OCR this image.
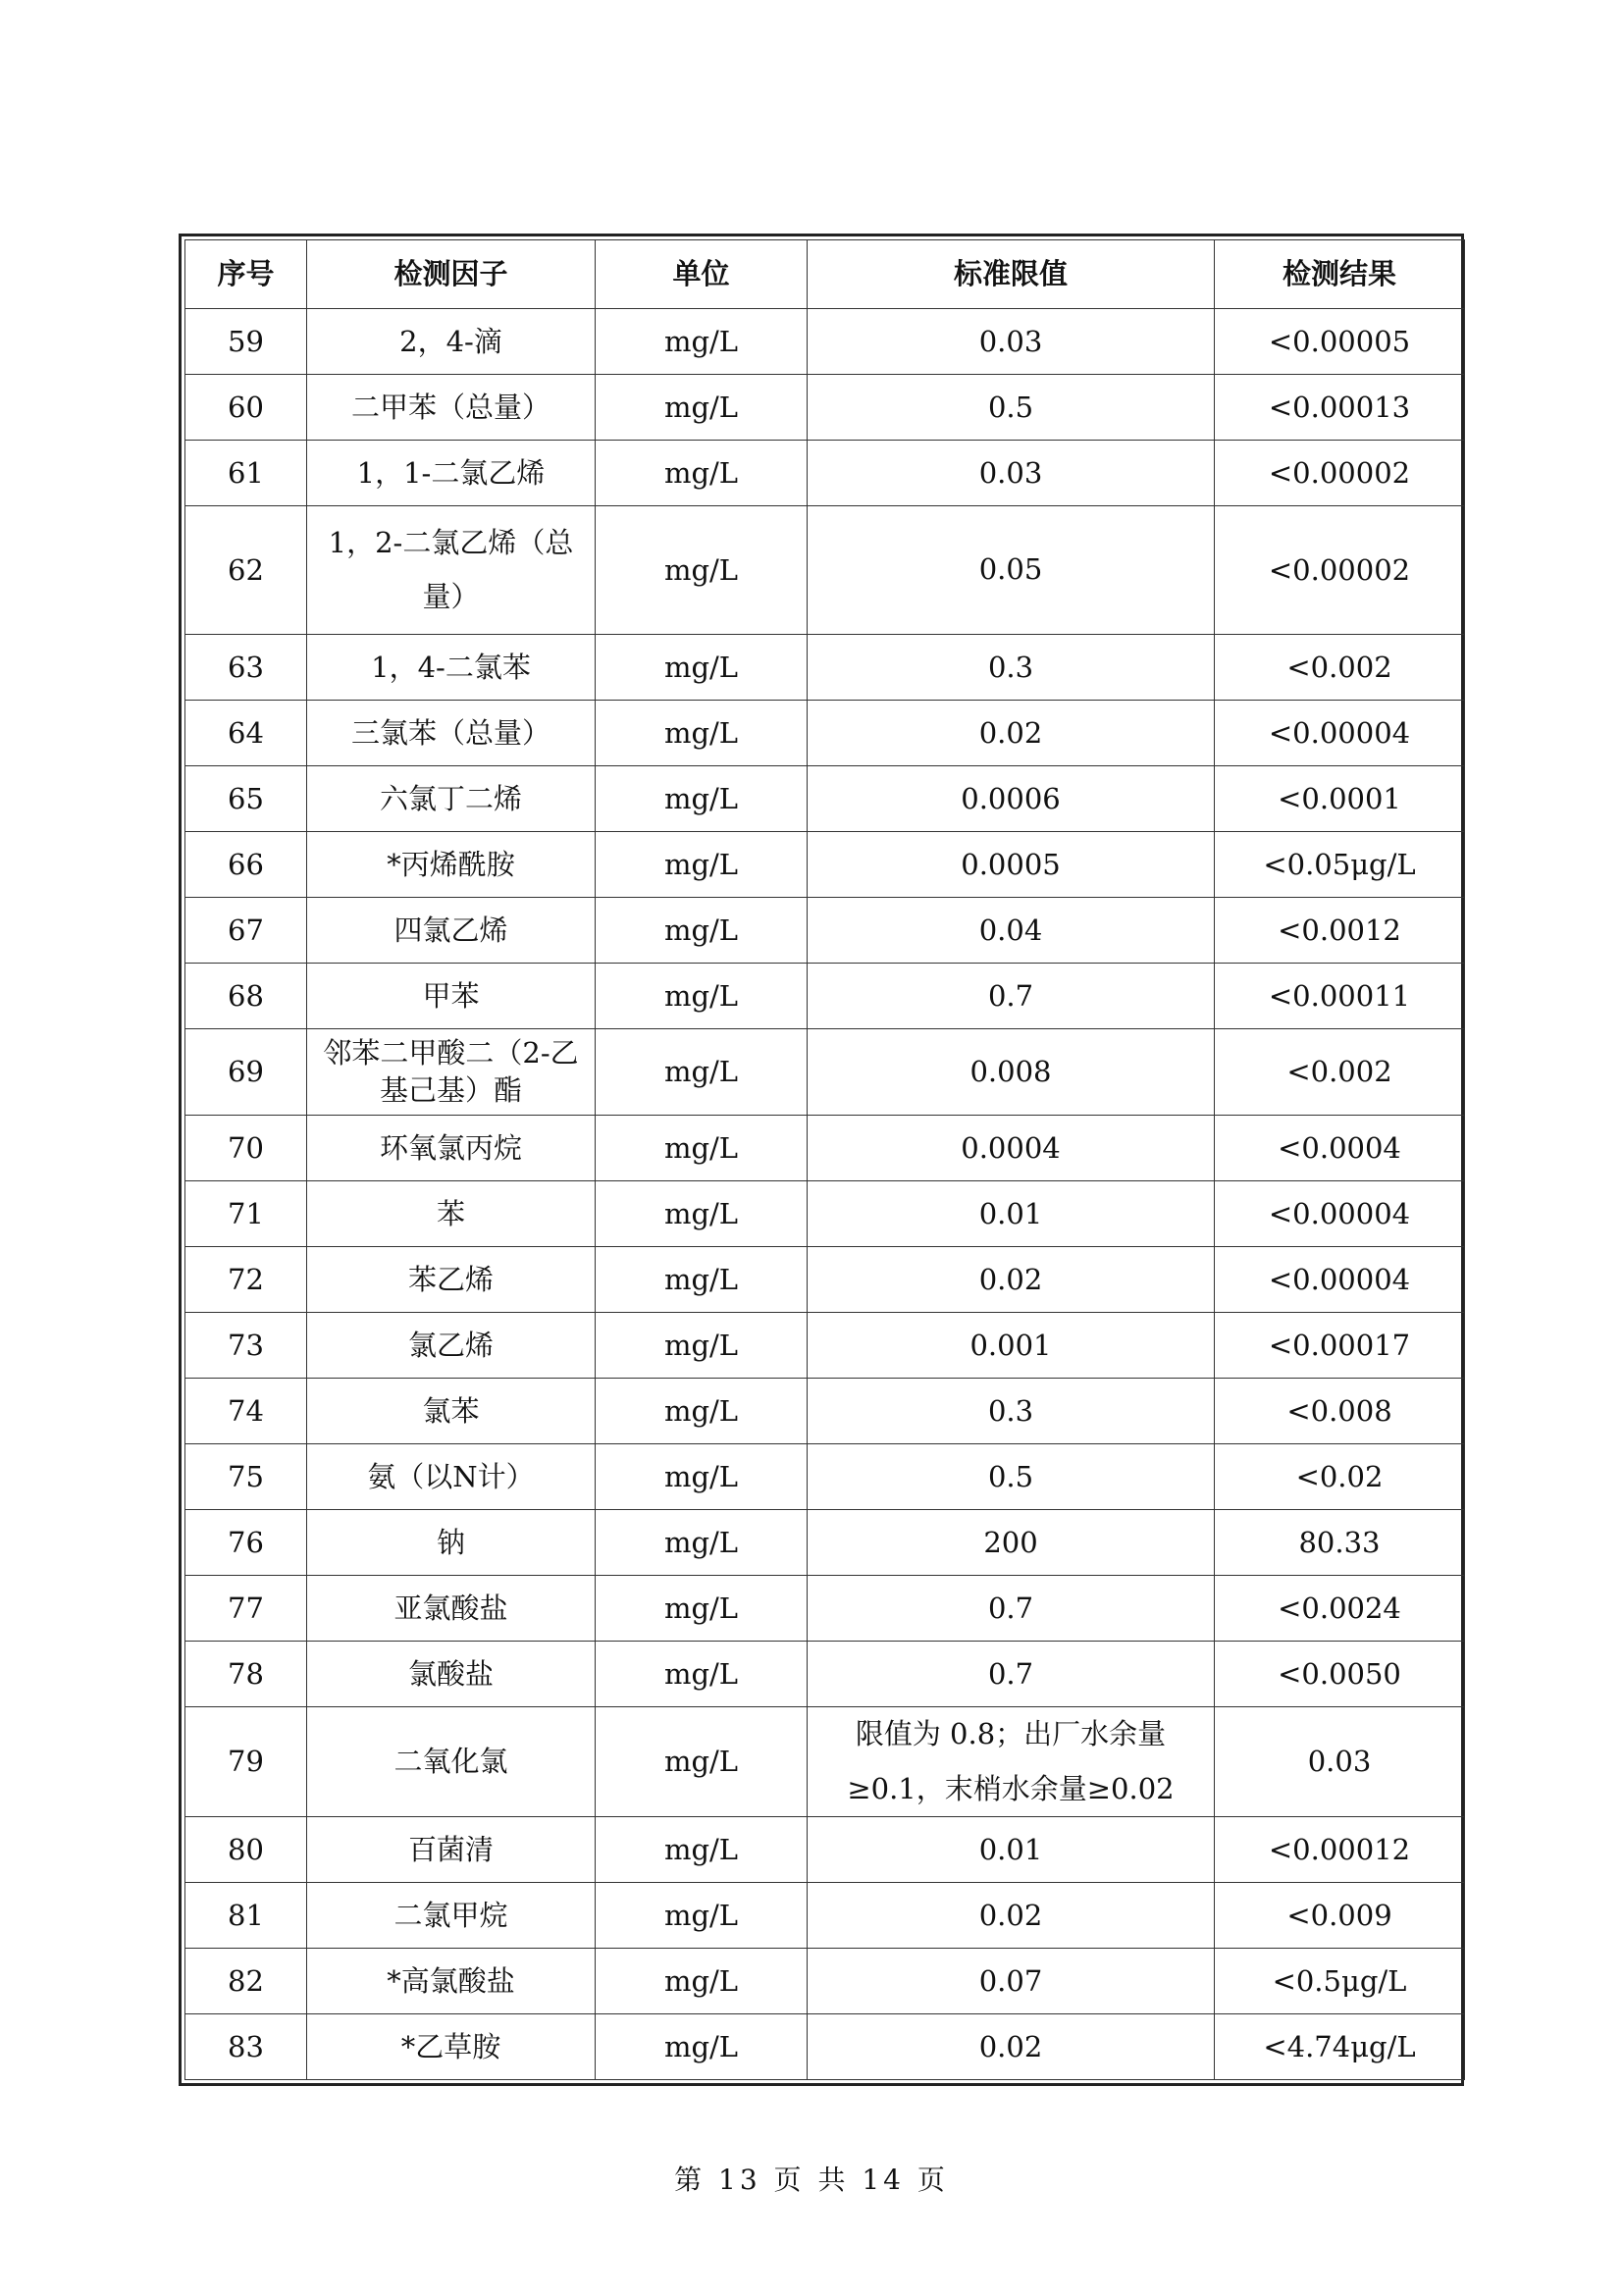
序号	检测因子	单位	标准限值	检测结果
59	2，4-滴	mg/L	0.03	<0.00005
60	二甲苯（总量）	mg/L	0.5	<0.00013
61	1，1-二氯乙烯	mg/L	0.03	<0.00002
62	1，2-二氯乙烯（总量）	mg/L	0.05	<0.00002
63	1，4-二氯苯	mg/L	0.3	<0.002
64	三氯苯（总量）	mg/L	0.02	<0.00004
65	六氯丁二烯	mg/L	0.0006	<0.0001
66	*丙烯酰胺	mg/L	0.0005	<0.05μg/L
67	四氯乙烯	mg/L	0.04	<0.0012
68	甲苯	mg/L	0.7	<0.00011
69	邻苯二甲酸二（2-乙基己基）酯	mg/L	0.008	<0.002
70	环氧氯丙烷	mg/L	0.0004	<0.0004
71	苯	mg/L	0.01	<0.00004
72	苯乙烯	mg/L	0.02	<0.00004
73	氯乙烯	mg/L	0.001	<0.00017
74	氯苯	mg/L	0.3	<0.008
75	氨（以N计）	mg/L	0.5	<0.02
76	钠	mg/L	200	80.33
77	亚氯酸盐	mg/L	0.7	<0.0024
78	氯酸盐	mg/L	0.7	<0.0050
79	二氧化氯	mg/L	限值为 0.8；出厂水余量≥0.1，末梢水余量≥0.02	0.03
80	百菌清	mg/L	0.01	<0.00012
81	二氯甲烷	mg/L	0.02	<0.009
82	*高氯酸盐	mg/L	0.07	<0.5μg/L
83	*乙草胺	mg/L	0.02	<4.74μg/L
第 13 页 共 14 页
